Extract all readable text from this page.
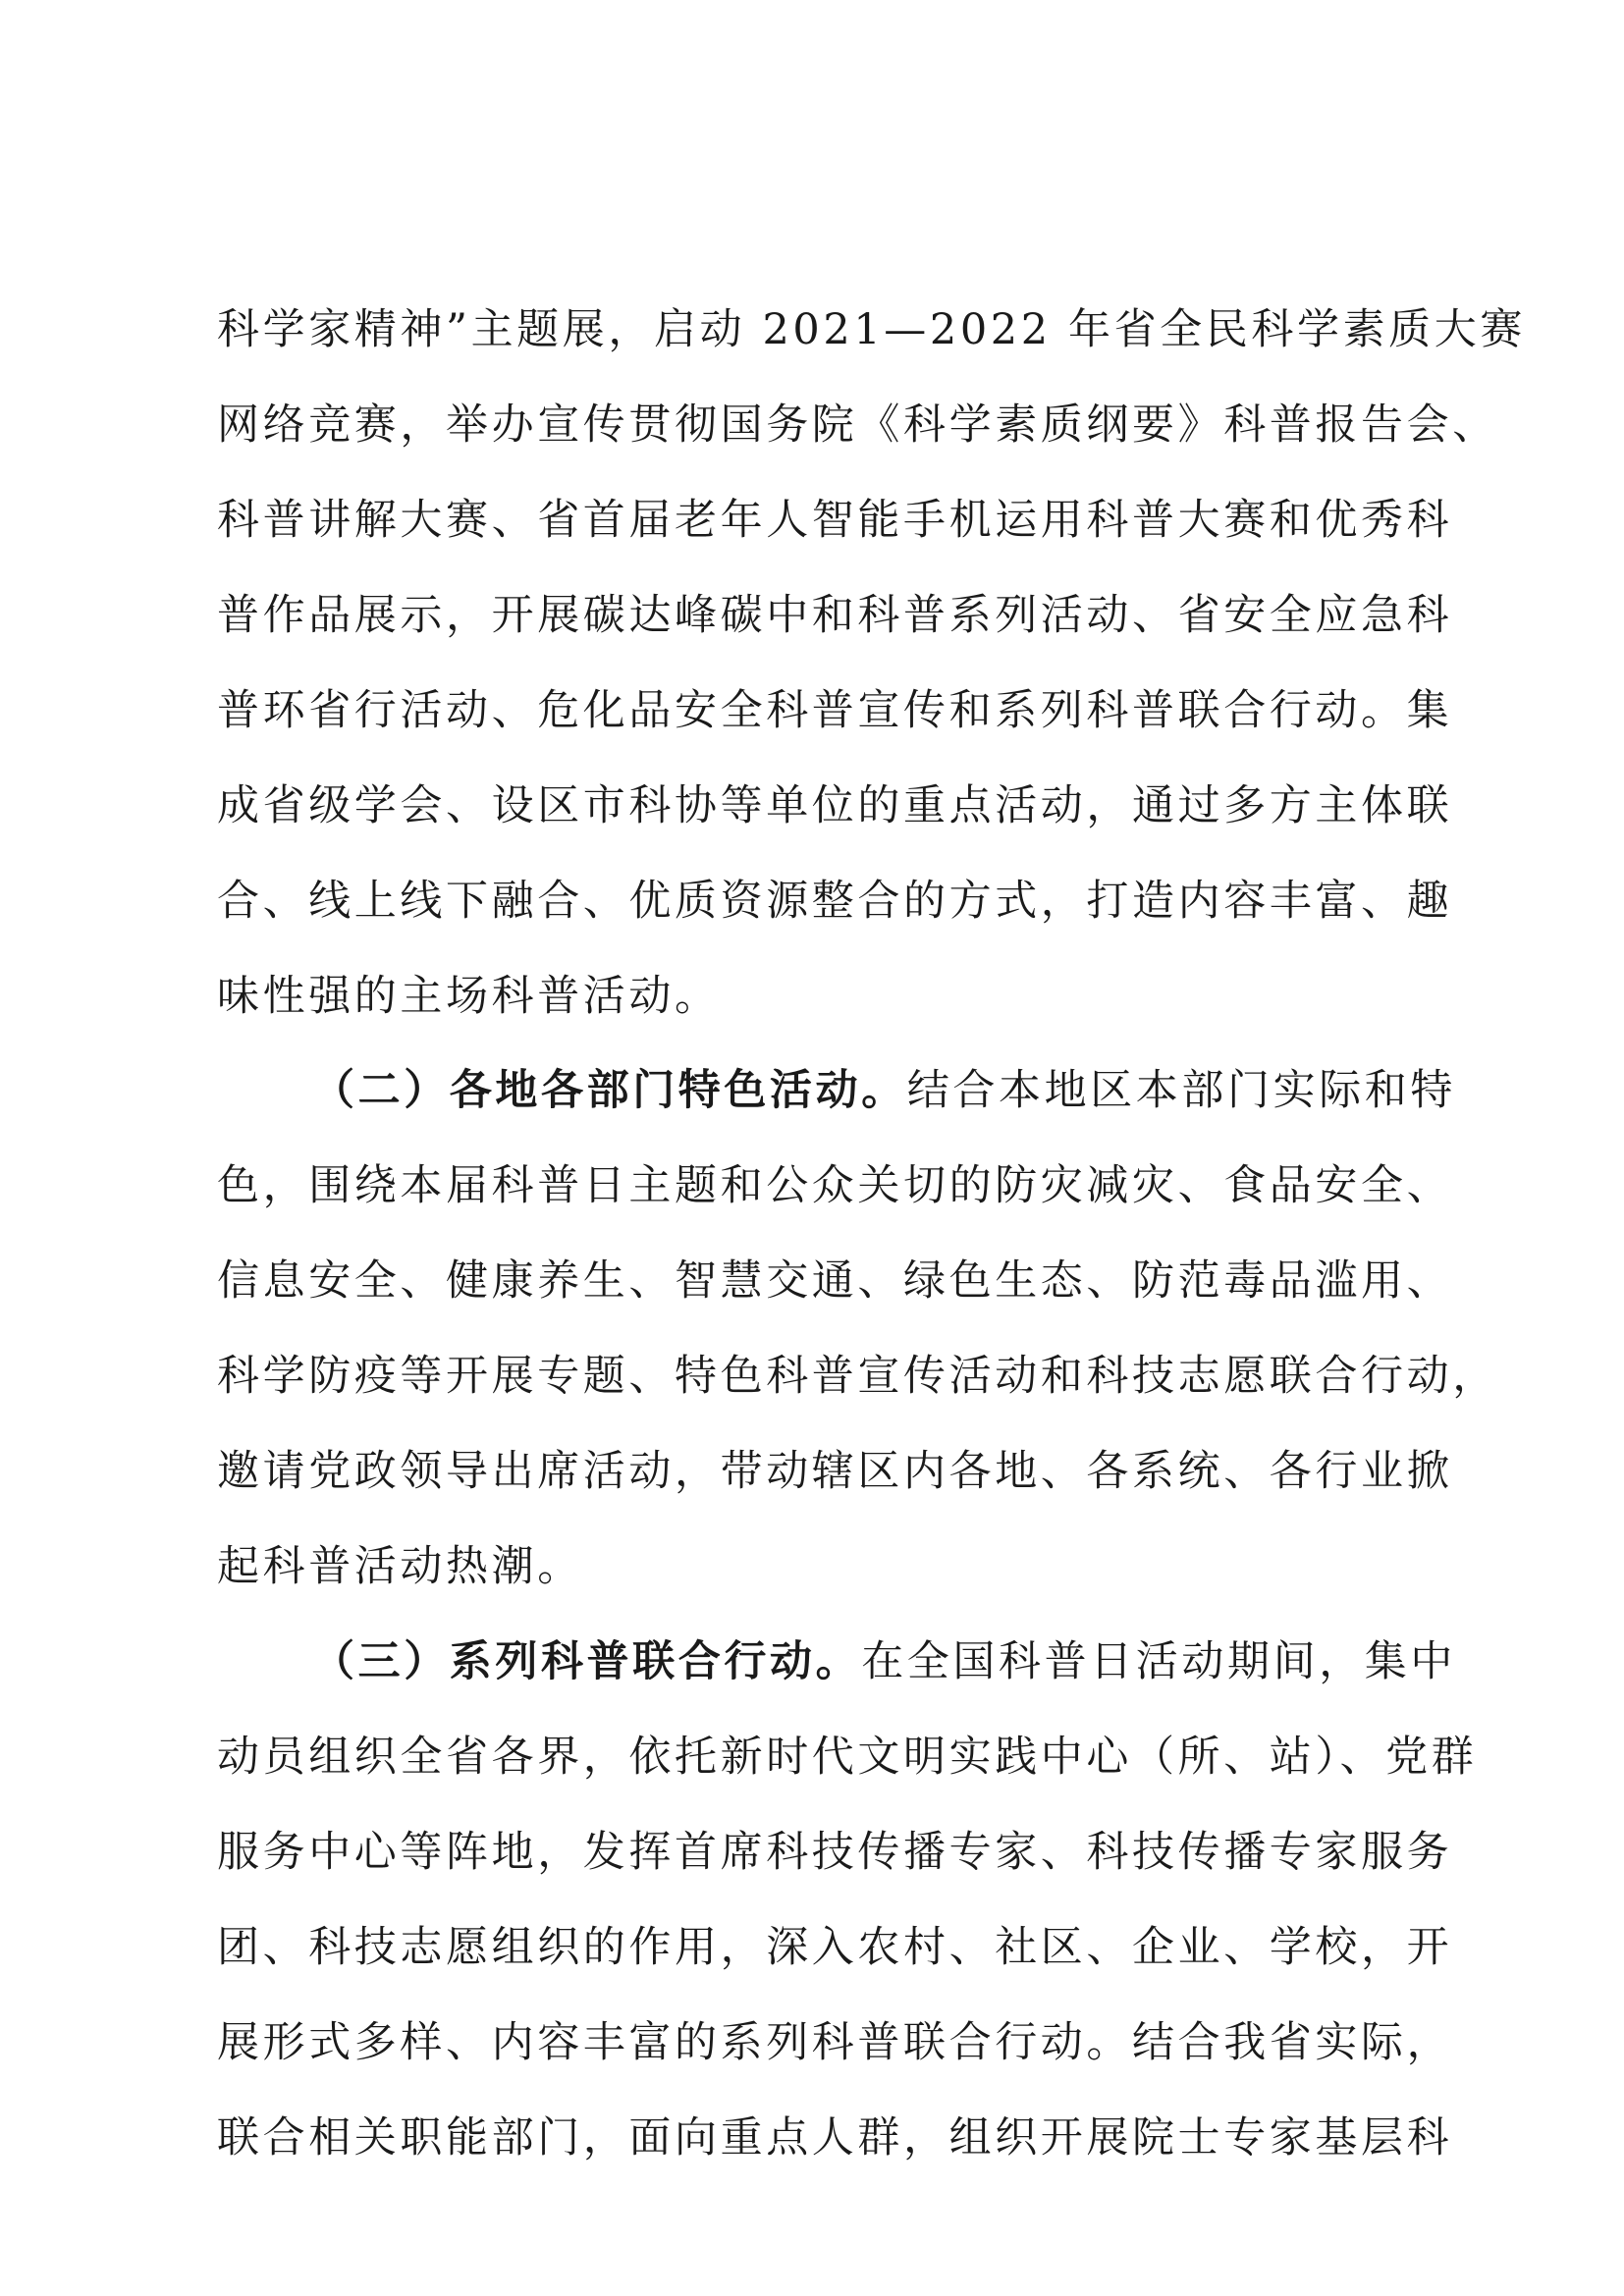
科学家精神”主题展，启动 2021—2022 年省全民科学素质大赛
网络竞赛，举办宣传贯彻国务院《科学素质纲要》科普报告会、
科普讲解大赛、省首届老年人智能手机运用科普大赛和优秀科
普作品展示，开展碳达峰碳中和科普系列活动、省安全应急科
普环省行活动、危化品安全科普宣传和系列科普联合行动。集
成省级学会、设区市科协等单位的重点活动，通过多方主体联
合、线上线下融合、优质资源整合的方式，打造内容丰富、趣
味性强的主场科普活动。
（二）各地各部门特色活动。结合本地区本部门实际和特
色，围绕本届科普日主题和公众关切的防灾减灾、食品安全、
信息安全、健康养生、智慧交通、绿色生态、防范毒品滥用、
科学防疫等开展专题、特色科普宣传活动和科技志愿联合行动，
邀请党政领导出席活动，带动辖区内各地、各系统、各行业掀
起科普活动热潮。
（三）系列科普联合行动。在全国科普日活动期间，集中
动员组织全省各界，依托新时代文明实践中心（所、站）、党群
服务中心等阵地，发挥首席科技传播专家、科技传播专家服务
团、科技志愿组织的作用，深入农村、社区、企业、学校，开
展形式多样、内容丰富的系列科普联合行动。结合我省实际，
联合相关职能部门，面向重点人群，组织开展院士专家基层科
